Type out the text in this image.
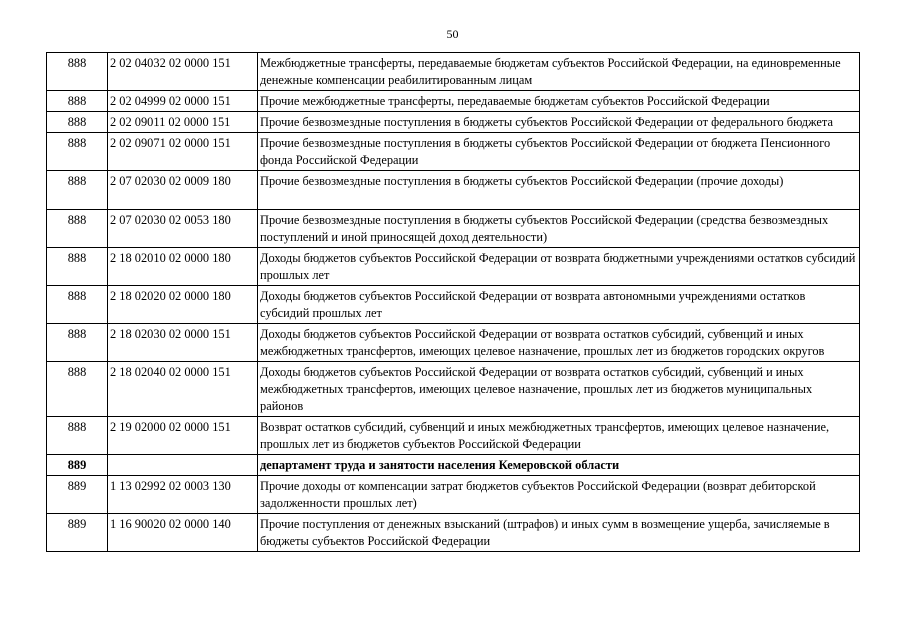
50
888	2 02 04032 02 0000 151	Межбюджетные трансферты, передаваемые бюджетам субъектов Российской Федерации, на единовременные денежные компенсации реабилитированным лицам
888	2 02 04999 02 0000 151	Прочие межбюджетные трансферты, передаваемые бюджетам субъектов Российской Федерации
888	2 02 09011 02 0000 151	Прочие безвозмездные поступления в бюджеты субъектов Российской Федерации от федерального бюджета
888	2 02 09071 02 0000 151	Прочие безвозмездные поступления в бюджеты субъектов Российской Федерации от бюджета Пенсионного фонда Российской Федерации
888	2 07 02030 02 0009 180	Прочие безвозмездные поступления в бюджеты субъектов Российской Федерации (прочие доходы)
888	2 07 02030 02 0053 180	Прочие безвозмездные поступления в бюджеты субъектов Российской Федерации (средства безвозмездных поступлений и иной приносящей доход деятельности)
888	2 18 02010 02 0000 180	Доходы бюджетов субъектов Российской Федерации от возврата бюджетными учреждениями остатков субсидий прошлых лет
888	2 18 02020 02 0000 180	Доходы бюджетов субъектов Российской Федерации от возврата автономными учреждениями остатков субсидий прошлых лет
888	2 18 02030 02 0000 151	Доходы бюджетов субъектов Российской Федерации от возврата остатков субсидий, субвенций и иных межбюджетных трансфертов, имеющих целевое назначение, прошлых лет из бюджетов городских округов
888	2 18 02040 02 0000 151	Доходы бюджетов субъектов Российской Федерации от возврата остатков субсидий, субвенций и иных межбюджетных трансфертов, имеющих целевое назначение, прошлых лет из бюджетов муниципальных районов
888	2 19 02000 02 0000 151	Возврат остатков субсидий, субвенций и иных межбюджетных трансфертов, имеющих целевое назначение, прошлых лет из бюджетов субъектов Российской Федерации
889		департамент труда и занятости населения Кемеровской области
889	1 13 02992 02 0003 130	Прочие доходы от компенсации затрат бюджетов субъектов Российской Федерации (возврат дебиторской задолженности прошлых лет)
889	1 16 90020 02 0000 140	Прочие поступления от денежных взысканий (штрафов) и иных сумм в возмещение ущерба, зачисляемые в бюджеты субъектов Российской Федерации
